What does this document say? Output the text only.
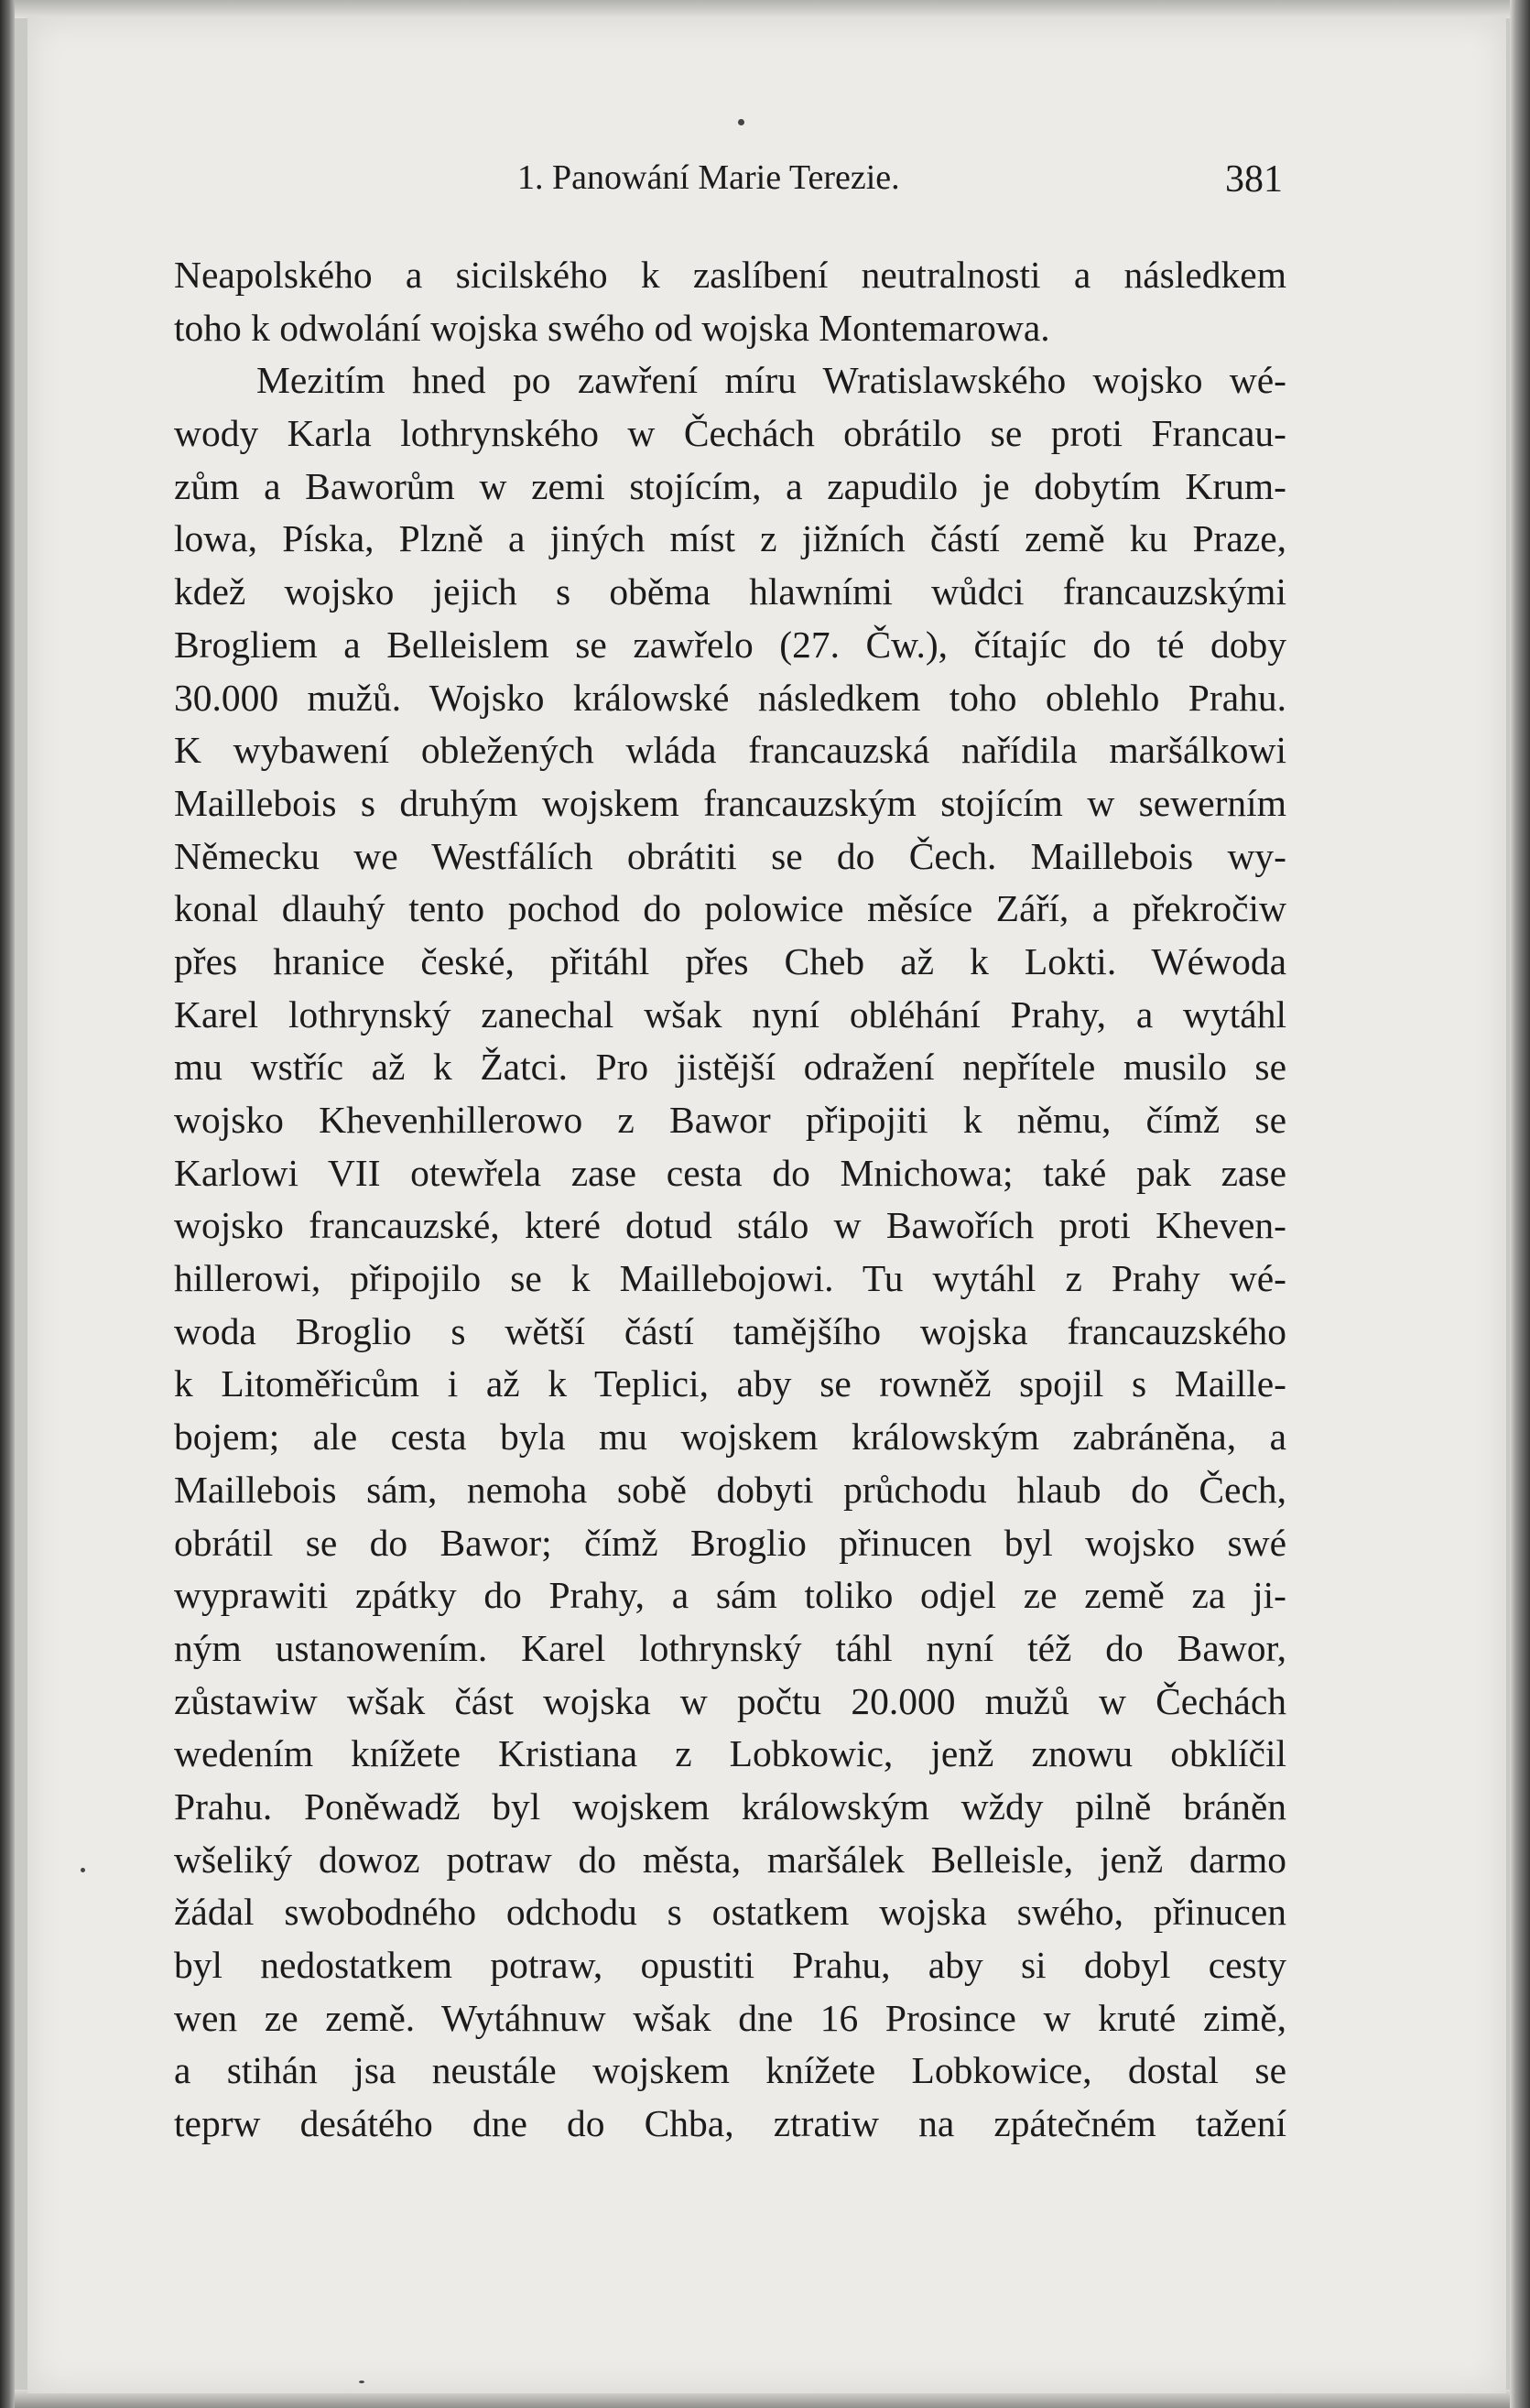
1. Panowání Marie Terezie.	381
Neapolského a sicilského k zaslíbení neutralnosti a následkem
toho k odwolání wojska swého od wojska Montemarowa.
Mezitím hned po zawření míru Wratislawského wojsko wé-
wody Karla lothrynského w Čechách obrátilo se proti Francau-
zům a Baworům w zemi stojícím, a zapudilo je dobytím Krum-
lowa, Píska, Plzně a jiných míst z jižních částí země ku Praze,
kdež wojsko jejich s oběma hlawními wůdci francauzskými
Brogliem a Belleislem se zawřelo (27. Čw.), čítajíc do té doby
30.000 mužů. Wojsko králowské následkem toho oblehlo Prahu.
K wybawení obležených wláda francauzská nařídila maršálkowi
Maillebois s druhým wojskem francauzským stojícím w sewerním
Německu we Westfálích obrátiti se do Čech. Maillebois wy-
konal dlauhý tento pochod do polowice měsíce Září, a překročiw
přes hranice české, přitáhl přes Cheb až k Lokti. Wéwoda
Karel lothrynský zanechal wšak nyní obléhání Prahy, a wytáhl
mu wstříc až k Žatci. Pro jistější odražení nepřítele musilo se
wojsko Khevenhillerowo z Bawor připojiti k němu, čímž se
Karlowi VII otewřela zase cesta do Mnichowa; také pak zase
wojsko francauzské, které dotud stálo w Bawořích proti Kheven-
hillerowi, připojilo se k Maillebojowi. Tu wytáhl z Prahy wé-
woda Broglio s wětší částí tamějšího wojska francauzského
k Litoměřicům i až k Teplici, aby se rowněž spojil s Maille-
bojem; ale cesta byla mu wojskem králowským zabráněna, a
Maillebois sám, nemoha sobě dobyti průchodu hlaub do Čech,
obrátil se do Bawor; čímž Broglio přinucen byl wojsko swé
wyprawiti zpátky do Prahy, a sám toliko odjel ze země za ji-
ným ustanowením. Karel lothrynský táhl nyní též do Bawor,
zůstawiw wšak část wojska w počtu 20.000 mužů w Čechách
wedením knížete Kristiana z Lobkowic, jenž znowu obklíčil
Prahu. Poněwadž byl wojskem králowským wždy pilně bráněn
wšeliký dowoz potraw do města, maršálek Belleisle, jenž darmo
žádal swobodného odchodu s ostatkem wojska swého, přinucen
byl nedostatkem potraw, opustiti Prahu, aby si dobyl cesty
wen ze země. Wytáhnuw wšak dne 16 Prosince w kruté zimě,
a stihán jsa neustále wojskem knížete Lobkowice, dostal se
teprw desátého dne do Chba, ztratiw na zpátečném tažení
